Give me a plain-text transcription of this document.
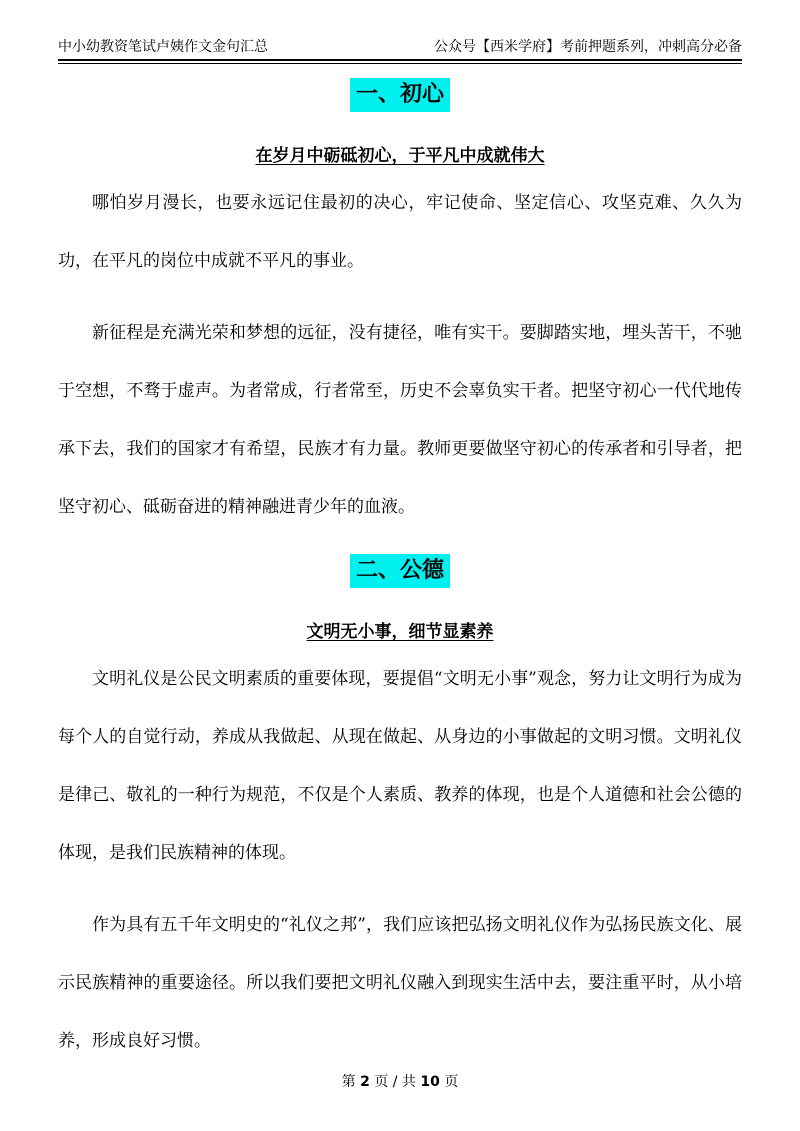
中小幼教资笔试卢姨作文金句汇总	公众号【西米学府】考前押题系列，冲刺高分必备
一、初心
在岁月中砺砥初心，于平凡中成就伟大

哪怕岁月漫长，也要永远记住最初的决心，牢记使命、坚定信心、攻坚克难、久久为功，在平凡的岗位中成就不平凡的事业。

新征程是充满光荣和梦想的远征，没有捷径，唯有实干。要脚踏实地，埋头苦干，不驰于空想，不骛于虚声。为者常成，行者常至，历史不会辜负实干者。把坚守初心一代代地传承下去，我们的国家才有希望，民族才有力量。教师更要做坚守初心的传承者和引导者，把坚守初心、砥砺奋进的精神融进青少年的血液。

二、公德
文明无小事，细节显素养

文明礼仪是公民文明素质的重要体现，要提倡“文明无小事”观念，努力让文明行为成为每个人的自觉行动，养成从我做起、从现在做起、从身边的小事做起的文明习惯。文明礼仪是律己、敬礼的一种行为规范，不仅是个人素质、教养的体现，也是个人道德和社会公德的体现，是我们民族精神的体现。

作为具有五千年文明史的“礼仪之邦”，我们应该把弘扬文明礼仪作为弘扬民族文化、展示民族精神的重要途径。所以我们要把文明礼仪融入到现实生活中去，要注重平时，从小培养，形成良好习惯。

第 2 页 / 共 10 页
